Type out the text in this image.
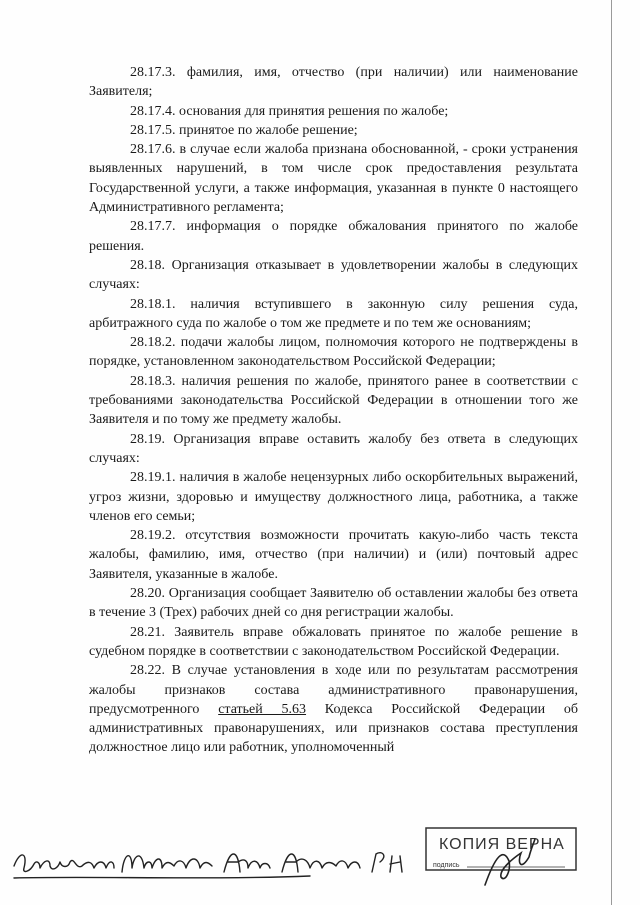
28.17.3. фамилия, имя, отчество (при наличии) или наименование Заявителя;

28.17.4. основания для принятия решения по жалобе;

28.17.5. принятое по жалобе решение;

28.17.6. в случае если жалоба признана обоснованной, - сроки устранения выявленных нарушений, в том числе срок предоставления результата Государственной услуги, а также информация, указанная в пункте 0 настоящего Административного регламента;

28.17.7. информация о порядке обжалования принятого по жалобе решения.

28.18. Организация отказывает в удовлетворении жалобы в следующих случаях:

28.18.1. наличия вступившего в законную силу решения суда, арбитражного суда по жалобе о том же предмете и по тем же основаниям;

28.18.2. подачи жалобы лицом, полномочия которого не подтверждены в порядке, установленном законодательством Российской Федерации;

28.18.3. наличия решения по жалобе, принятого ранее в соответствии с требованиями законодательства Российской Федерации в отношении того же Заявителя и по тому же предмету жалобы.

28.19. Организация вправе оставить жалобу без ответа в следующих случаях:

28.19.1. наличия в жалобе нецензурных либо оскорбительных выражений, угроз жизни, здоровью и имуществу должностного лица, работника, а также членов его семьи;

28.19.2. отсутствия возможности прочитать какую-либо часть текста жалобы, фамилию, имя, отчество (при наличии) и (или) почтовый адрес Заявителя, указанные в жалобе.

28.20. Организация сообщает Заявителю об оставлении жалобы без ответа в течение 3 (Трех) рабочих дней со дня регистрации жалобы.

28.21. Заявитель вправе обжаловать принятое по жалобе решение в судебном порядке в соответствии с законодательством Российской Федерации.

28.22. В случае установления в ходе или по результатам рассмотрения жалобы признаков состава административного правонарушения, предусмотренного статьей 5.63 Кодекса Российской Федерации об административных правонарушениях, или признаков состава преступления должностное лицо или работник, уполномоченный

КОПИЯ ВЕРНА
подпись
